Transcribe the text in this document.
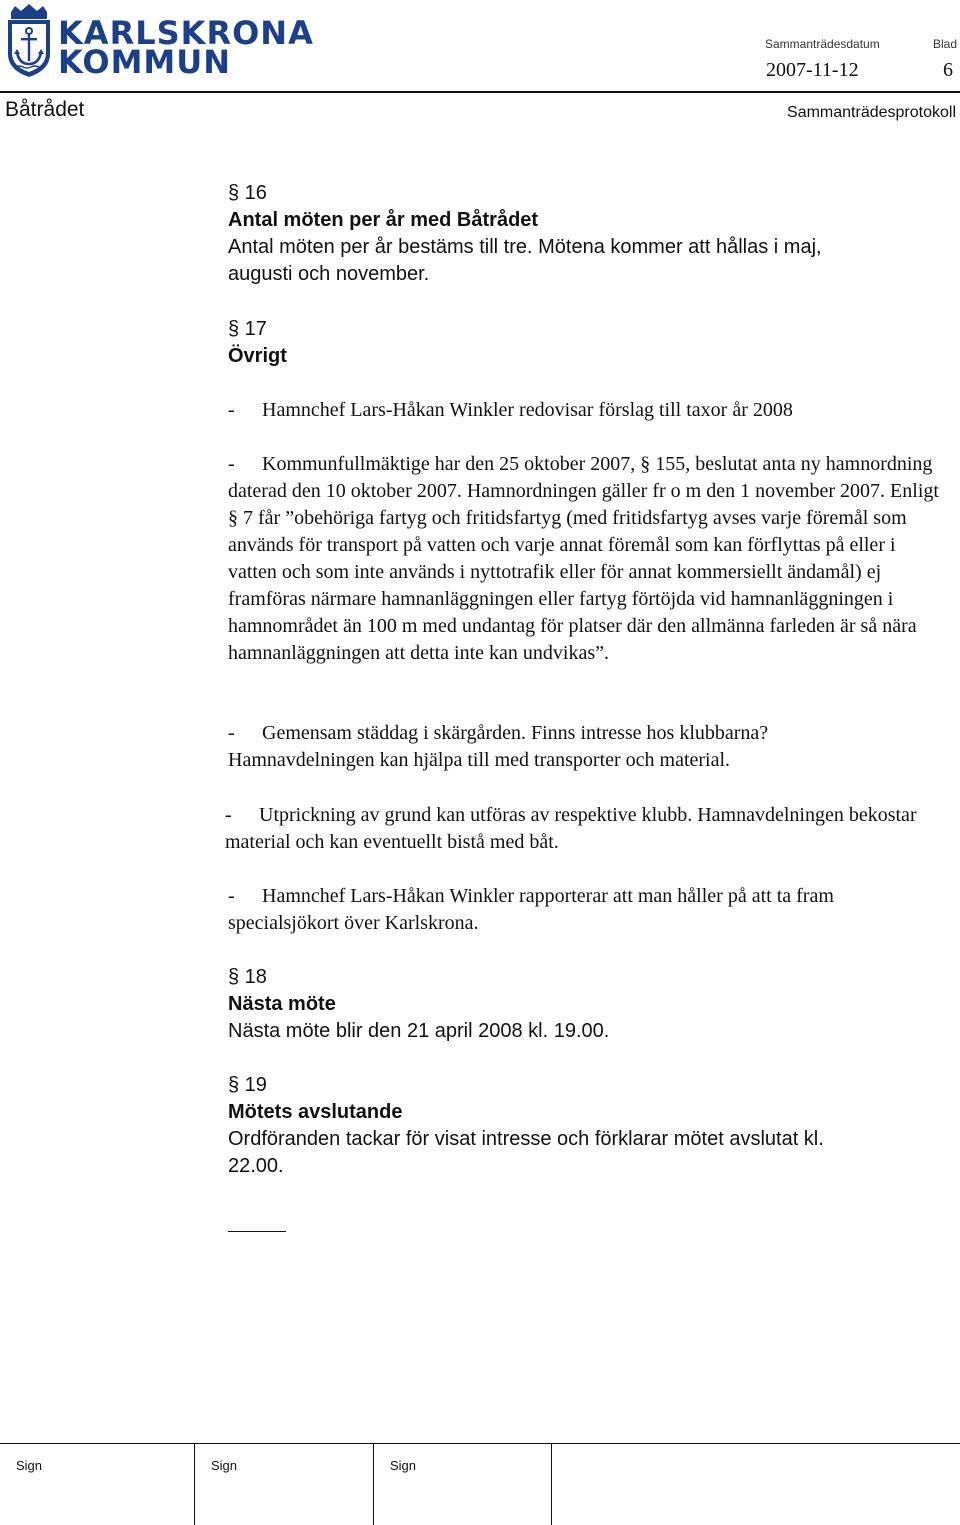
KARLSKRONA
KOMMUN	Sammanträdesdatum	Blad
2007-11-12	6
Båtrådet	Sammanträdesprotokoll

§ 16

Antal möten per år med Båtrådet

Antal möten per år bestäms till tre. Mötena kommer att hållas i maj, augusti och november.

§ 17

Övrigt

- Hamnchef Lars-Håkan Winkler redovisar förslag till taxor år 2008

- Kommunfullmäktige har den 25 oktober 2007, § 155, beslutat anta ny hamnordning daterad den 10 oktober 2007. Hamnordningen gäller fr o m den 1 november 2007. Enligt § 7 får ”obehöriga fartyg och fritidsfartyg (med fritidsfartyg avses varje föremål som används för transport på vatten och varje annat föremål som kan förflyttas på eller i vatten och som inte används i nyttotrafik eller för annat kommersiellt ändamål) ej framföras närmare hamnanläggningen eller fartyg förtöjda vid hamnanläggningen i hamnområdet än 100 m med undantag för platser där den allmänna farleden är så nära hamnanläggningen att detta inte kan undvikas”.

- Gemensam städdag i skärgården. Finns intresse hos klubbarna? Hamnavdelningen kan hjälpa till med transporter och material.

- Utprickning av grund kan utföras av respektive klubb. Hamnavdelningen bekostar material och kan eventuellt bistå med båt.

- Hamnchef Lars-Håkan Winkler rapporterar att man håller på att ta fram specialsjökort över Karlskrona.

§ 18

Nästa möte

Nästa möte blir den 21 april 2008 kl. 19.00.

§ 19

Mötets avslutande

Ordföranden tackar för visat intresse och förklarar mötet avslutat kl. 22.00.

Sign	Sign	Sign
